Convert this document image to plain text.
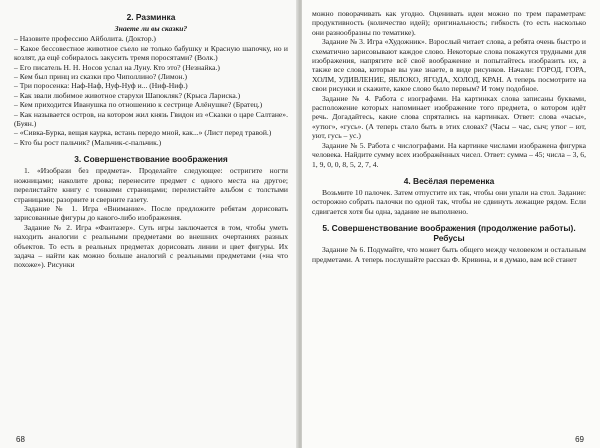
2. Разминка
Знаете ли вы сказки?

– Назовите профессию Айболита. (Доктор.)

– Какое бессовестное животное съело не только бабушку и Красную шапочку, но и козлят, да ещё собиралось закусить тремя поросятами? (Волк.)

– Его писатель Н. Н. Носов услал на Луну. Кто это? (Незнайка.)

– Кем был принц из сказки про Чиполлино? (Лимон.)

– Три поросенка: Наф-Наф, Нуф-Нуф и... (Ниф-Ниф.)

– Как звали любимое животное старухи Шапокляк? (Крыса Лариска.)

– Кем приходится Иванушка по отношению к сестрице Алёнушке? (Братец.)

– Как называется остров, на котором жил князь Гвидон из «Сказки о царе Салтане». (Буян.)

– «Сивка-Бурка, вещая каурка, встань передо мной, как...» (Лист перед травой.)

– Кто бы рост пальчик? (Мальчик-с-пальчик.)

3. Совершенствование воображения

1. «Изобрази без предмета». Проделайте следующее: остригите ногти ножницами; наколите дрова; перенесите предмет с одного места на другое; перелистайте книгу с тонкими страницами; перелистайте альбом с толстыми страницами; разорвите и сверните газету.

Задание № 1. Игра «Внимание». После предложите ребятам дорисовать зарисованные фигуры до какого-либо изображения.

Задание № 2. Игра «Фантазер». Суть игры заключается в том, чтобы уметь находить аналогии с реальными предметами во внешних очертаниях разных объектов. То есть в реальных предметах дорисовать линии и цвет фигуры. Их задача – найти как можно больше аналогий с реальными предметами («на что похоже»). Рисунки

68

можно поворачивать как угодно. Оценивать идеи можно по трем параметрам: продуктивность (количество идей); оригинальность; гибкость (то есть насколько они разнообразны по тематике).

Задание № 3. Игра «Художник». Взрослый читает слова, а ребята очень быстро и схематично зарисовывают каждое слово. Некоторые слова покажутся трудными для изображения, напрягите всё своё воображение и попытайтесь изобразить их, а также все слова, которые вы уже знаете, в виде рисунков. Начали: ГОРОД, ГОРА, ХОЛМ, УДИВЛЕНИЕ, ЯБЛОКО, ЯГОДА, ХОЛОД, КРАН. А теперь посмотрите на свои рисунки и скажите, какое слово было первым? И тому подобное.

Задание № 4. Работа с изографами. На картинках слова записаны буквами, расположение которых напоминает изображение того предмета, о котором идёт речь. Догадайтесь, какие слова спрятались на картинках. Ответ: слова «часы», «утюг», «гусь». (А теперь стало быть в этих словах? (Часы – час, сыч; утюг – ют, уют, гусь – ус.)

Задание № 5. Работа с числографами. На картинке числами изображена фигурка человека. Найдите сумму всех изображённых чисел. Ответ: сумма – 45; числа – 3, 6, 1, 9, 0, 0, 8, 5, 2, 7, 4.

4. Весёлая переменка

Возьмите 10 палочек. Затем отпустите их так, чтобы они упали на стол. Задание: осторожно собрать палочки по одной так, чтобы не сдвинуть лежащие рядом. Если сдвигается хотя бы одна, задание не выполнено.

5. Совершенствование воображения (продолжение работы). Ребусы

Задание № 6. Подумайте, что может быть общего между человеком и остальным предметами. А теперь послушайте рассказ Ф. Кривина, и я думаю, вам всё станет

69
